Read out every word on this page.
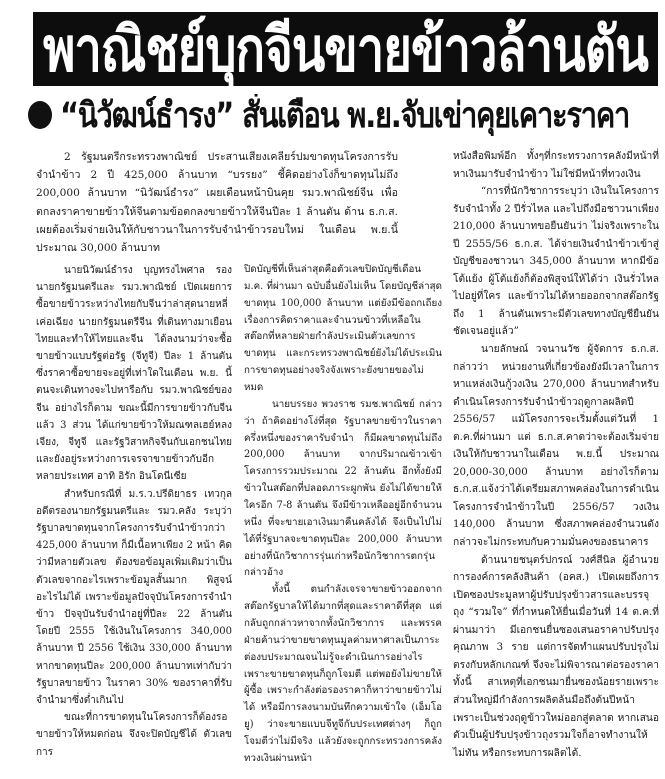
พาณิชย์บุกจีนขายข้าวล้านตัน
“นิวัฒน์ธำรง” สั่นเตือน พ.ย.จับเข่าคุยเคาะราคา

2 รัฐมนตรีกระทรวงพาณิชย์ ประสานเสียงเคลียร์ปมขาดทุนโครงการรับจำนำข้าว 2 ปี 425,000 ล้านบาท “บรรยง” ชี้คิดอย่างโง่ก็ขาดทุนไม่ถึง 200,000 ล้านบาท “นิวัฒน์ธำรง” เผยเตือนหน้าบินคุย รมว.พาณิชย์จีน เพื่อตกลงราคาขายข้าวให้จีนตามข้อตกลงขายข้าวให้จีนปีละ 1 ล้านตัน ด้าน ธ.ก.ส. เผยต้องเริ่มจ่ายเงินให้กับชาวนาในการรับจำนำข้าวรอบใหม่ ในเดือน พ.ย.นี้ ประมาณ 30,000 ล้านบาท

นายนิวัฒน์ธำรง บุญทรงไพศาล รองนายกรัฐมนตรีและ รมว.พาณิชย์ เปิดเผยการซื้อขายข้าวระหว่างไทยกับจีนว่าล่าสุดนายหลี่เค่อเฉียง นายกรัฐมนตรีจีน ที่เดินทางมาเยือนไทยและทำให้ไทยและจีน ได้ลงนามว่าจะซื้อขายข้าวแบบรัฐต่อรัฐ (จีทูจี) ปีละ 1 ล้านตัน ซึ่งราคาซื้อขายจะอยู่ที่เท่าใดในเดือน พ.ย. นี้ตนจะเดินทางจะไปหารือกับ รมว.พาณิชย์ของจีน อย่างไรก็ตาม ขณะนี้มีการขายข้าวกับจีนแล้ว 3 ส่วน ได้แก่ขายข้าวให้มณฑลเฮย์หลงเจียง, จีทูจี และรัฐวิสาหกิจจีนกับเอกชนไทย และยังอยู่ระหว่างการเจรจาขายข้าวกับอีกหลายประเทศ อาทิ อิรัก อินโดนีเซีย

สำหรับกรณีที่ ม.ร.ว.ปรีดิยาธร เทวกุล อดีตรองนายกรัฐมนตรีและ รมว.คลัง ระบุว่ารัฐบาลขาดทุนจากโครงการรับจำนำข้าวกว่า 425,000 ล้านบาท ก็มีเนื้อหาเพียง 2 หน้า คิดว่ามีหลายตัวเลข ต้องขอข้อมูลเพิ่มเติมว่าเป็นตัวเลขจากอะไรเพราะข้อมูลสั้นมาก พิสูจน์อะไรไม่ได้ เพราะข้อมูลปัจจุบันโครงการจำนำข้าว ปัจจุบันรับจำนำอยู่ที่ปีละ 22 ล้านตัน โดยปี 2555 ใช้เงินในโครงการ 340,000 ล้านบาท ปี 2556 ใช้เงิน 330,000 ล้านบาทหากขาดทุนปีละ 200,000 ล้านบาทเท่ากับว่ารัฐบาลขายข้าว ในราคา 30% ของราคาที่รับจำนำมาซึ่งต่ำเกินไป

ขณะที่การขาดทุนในโครงการก็ต้องรอขายข้าวให้หมดก่อน จึงจะปิดบัญชีได้ ตัวเลขการ

ปิดบัญชีที่เห็นล่าสุดคือตัวเลขปิดบัญชีเดือน ม.ค. ที่ผ่านมา ฉบับอื่นยังไม่เห็น โดยบัญชีล่าสุดขาดทุน 100,000 ล้านบาท แต่ยังมีข้อถกเถียงเรื่องการคิดราคาและจำนวนข้าวที่เหลือในสต๊อกที่หลายฝ่ายกำลังประเมินตัวเลขการขาดทุน และกระทรวงพาณิชย์ยังไม่ได้ประเมินการขาดทุนอย่างจริงจังเพราะยังขายของไม่หมด

นายบรรยง พวงราช รมช.พาณิชย์ กล่าวว่า ถ้าคิดอย่างโง่ที่สุด รัฐบาลขายข้าวในราคาครึ่งหนึ่งของราคารับจำนำ ก็มีผลขาดทุนไม่ถึง 200,000 ล้านบาท จากปริมาณข้าวเข้าโครงการรวมประมาณ 22 ล้านตัน อีกทั้งยังมีข้าวในสต๊อกที่ปลอดภาระผูกพัน ยังไม่ได้ขายให้ใครอีก 7-8 ล้านตัน จึงมีข้าวเหลืออยู่อีกจำนวนหนึ่ง ที่จะขายเอาเงินมาคืนคลังได้ จึงเป็นไปไม่ได้ที่รัฐบาลจะขาดทุนปีละ 200,000 ล้านบาท อย่างที่นักวิชาการรุ่นเก่าหรือนักวิชาการตกรุ่นกล่าวอ้าง

ทั้งนี้ ตนกำลังเจรจาขายข้าวออกจากสต๊อกรัฐบาลให้ได้มากที่สุดและราคาดีที่สุด แต่กลับถูกกล่าวหาจากทั้งนักวิชาการ และพรรคฝ่ายค้านว่าขายขาดทุนมูลค่ามหาศาลเป็นภาระต่องบประมาณจนไม่รู้จะดำเนินการอย่างไร เพราะขายขาดทุนก็ถูกโจมตี แต่พอยังไม่ขายให้ผู้ซื้อ เพราะกำลังต่อรองราคาก็หาว่าขายข้าวไม่ได้ หรือมีการลงนามบันทึกความเข้าใจ (เอ็มโอยู) ว่าจะขายแบบจีทูจีกับประเทศต่างๆ ก็ถูกโจมตีว่าไม่มีจริง แล้วยังจะถูกกระทรวงการคลัง ทวงเงินผ่านหน้า

หนังสือพิมพ์อีก ทั้งๆที่กระทรวงการคลังมีหน้าที่หาเงินมารับจำนำข้าว ไม่ใช่มีหน้าที่ทวงเงิน

“การที่นักวิชาการระบุว่า เงินในโครงการรับจำนำทั้ง 2 ปีรั่วไหล และไปถึงมือชาวนาเพียง 210,000 ล้านบาทขอยืนยันว่า ไม่จริงเพราะในปี 2555/56 ธ.ก.ส. ได้จ่ายเงินจำนำข้าวเข้าสู่บัญชีของชาวนา 345,000 ล้านบาท หากมีข้อโต้แย้ง ผู้โต้แย้งก็ต้องพิสูจน์ให้ได้ว่า เงินรั่วไหลไปอยู่ที่ใคร และข้าวไม่ได้หายออกจากสต๊อกรัฐถึง 1 ล้านตันเพราะมีตัวเลขทางบัญชียืนยันชัดเจนอยู่แล้ว”

นายลักษณ์ วจนานวัช ผู้จัดการ ธ.ก.ส. กล่าวว่า หน่วยงานที่เกี่ยวข้องยังมีเวลาในการหาแหล่งเงินกู้วงเงิน 270,000 ล้านบาทสำหรับดำเนินโครงการรับจำนำข้าวฤดูกาลผลิตปี 2556/57 แม้โครงการจะเริ่มตั้งแต่วันที่ 1 ต.ค.ที่ผ่านมา แต่ ธ.ก.ส.คาดว่าจะต้องเริ่มจ่ายเงินให้กับชาวนาในเดือน พ.ย.นี้ ประมาณ 20,000-30,000 ล้านบาท อย่างไรก็ตาม ธ.ก.ส.แจ้งว่าได้เตรียมสภาพคล่องในการดำเนินโครงการจำนำข้าวในปี 2556/57 วงเงิน 140,000 ล้านบาท ซึ่งสภาพคล่องจำนวนดังกล่าวจะไม่กระทบกับความมั่นคงของธนาคาร

ด้านนายชนุตร์ปกรณ์ วงศ์สีนิล ผู้อำนวยการองค์การคลังสินค้า (อคส.) เปิดเผยถึงการเปิดซองประมูลหาผู้ปรับปรุงข้าวสารและบรรจุถุง “รวมใจ” ที่กำหนดให้ยื่นเมื่อวันที่ 14 ต.ค.ที่ผ่านมาว่า มีเอกชนยื่นซองเสนอราคาปรับปรุงคุณภาพ 3 ราย แต่การจัดทำแผนปรับปรุงไม่ตรงกับหลักเกณฑ์ จึงจะไม่พิจารณาต่อรองราคา ทั้งนี้ สาเหตุที่เอกชนมายื่นซองน้อยรายเพราะส่วนใหญ่มีกำลังการผลิตล้นมือถึงต้นปีหน้า เพราะเป็นช่วงฤดูข้าวใหม่ออกสู่ตลาด หากเสนอตัวเป็นผู้ปรับปรุงข้าวถุงรวมใจก็อาจทำงานให้ไม่ทัน หรือกระทบการผลิตได้.
